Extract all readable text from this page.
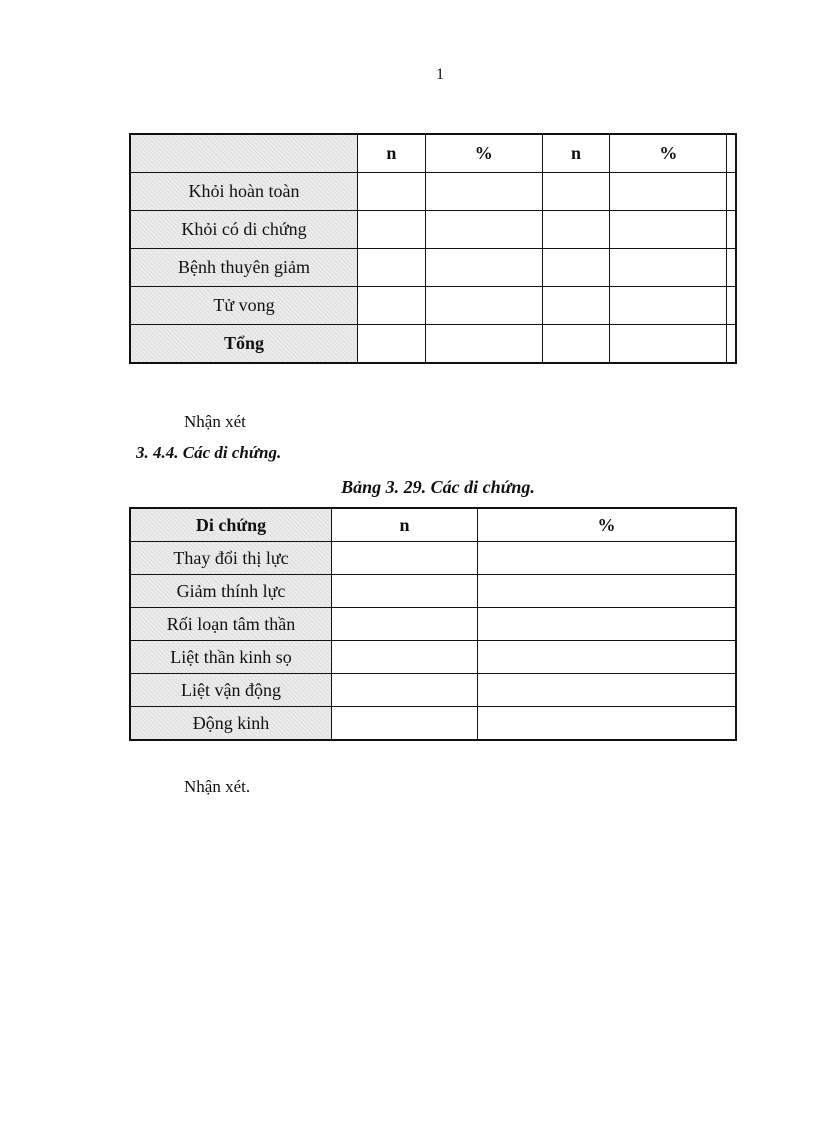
1
	n	%	n	%	
Khỏi hoàn toàn					
Khỏi có di chứng					
Bệnh thuyên giảm					
Tử vong					
Tổng					
Nhận xét
3. 4.4. Các di chứng.
Bảng 3. 29. Các di chứng.
Di chứng	n	%
Thay đổi thị lực		
Giảm thính lực		
Rối loạn tâm thần		
Liệt thần kinh sọ		
Liệt vận động		
Động kinh		
Nhận xét.
